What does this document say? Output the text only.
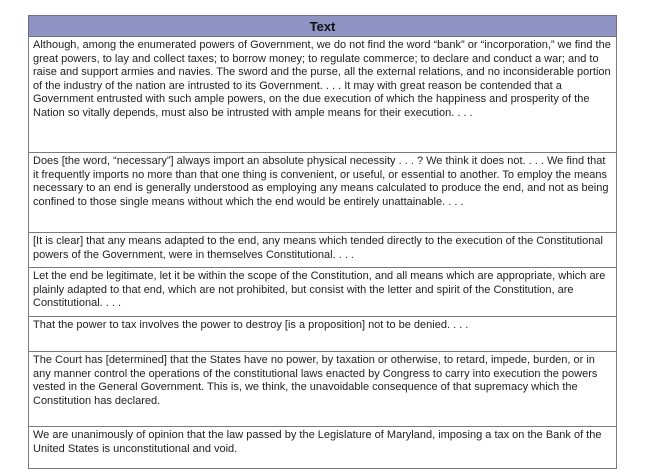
Text
Although, among the enumerated powers of Government, we do not find the word “bank” or “incorporation,” we find the great powers, to lay and collect taxes; to borrow money; to regulate commerce; to declare and conduct a war; and to raise and support armies and navies. The sword and the purse, all the external relations, and no inconsiderable portion of the industry of the nation are intrusted to its Government. . . . It may with great reason be contended that a Government entrusted with such ample powers, on the due execution of which the happiness and prosperity of the Nation so vitally depends, must also be intrusted with ample means for their execution. . . .
Does [the word, “necessary”] always import an absolute physical necessity . . . ? We think it does not. . . . We find that it frequently imports no more than that one thing is convenient, or useful, or essential to another. To employ the means necessary to an end is generally understood as employing any means calculated to produce the end, and not as being confined to those single means without which the end would be entirely unattainable. . . .
[It is clear] that any means adapted to the end, any means which tended directly to the execution of the Constitutional powers of the Government, were in themselves Constitutional. . . .
Let the end be legitimate, let it be within the scope of the Constitution, and all means which are appropriate, which are plainly adapted to that end, which are not prohibited, but consist with the letter and spirit of the Constitution, are Constitutional. . . .
That the power to tax involves the power to destroy [is a proposition] not to be denied. . . .
The Court has [determined] that the States have no power, by taxation or otherwise, to retard, impede, burden, or in any manner control the operations of the constitutional laws enacted by Congress to carry into execution the powers vested in the General Government. This is, we think, the unavoidable consequence of that supremacy which the Constitution has declared.
We are unanimously of opinion that the law passed by the Legislature of Maryland, imposing a tax on the Bank of the United States is unconstitutional and void.
